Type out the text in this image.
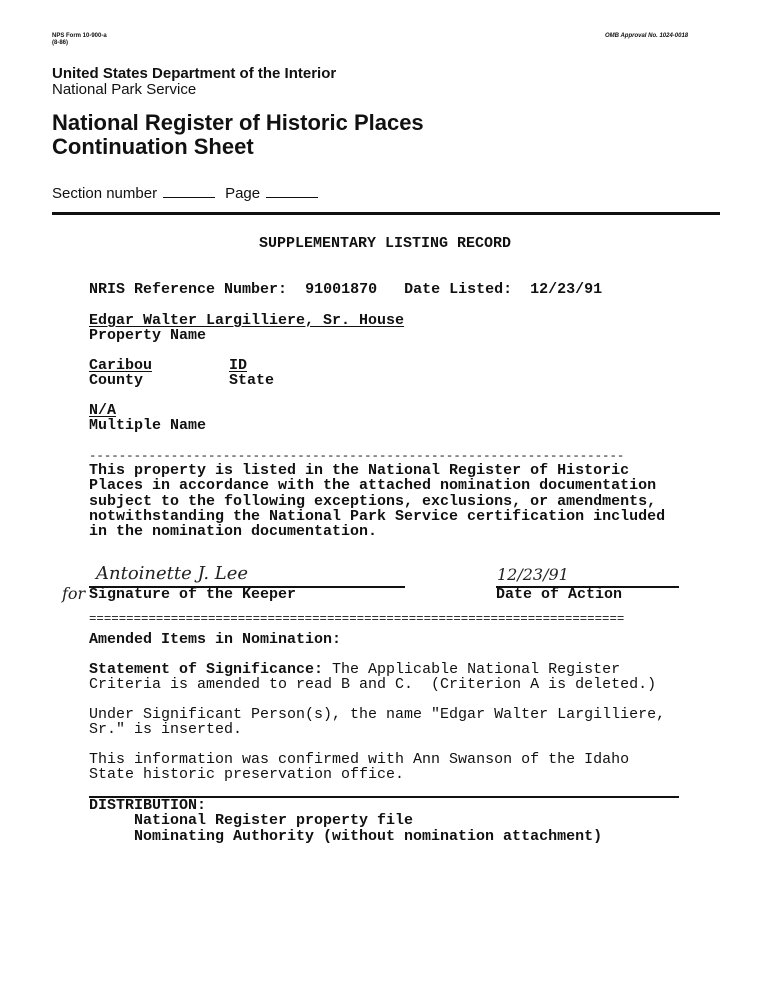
NPS Form 10-900-a
(8-86)
OMB Approval No. 1024-0018
United States Department of the Interior
National Park Service
National Register of Historic Places
Continuation Sheet
Section number	Page
SUPPLEMENTARY LISTING RECORD
NRIS Reference Number: 91001870 Date Listed: 12/23/91
Edgar Walter Largilliere, Sr. House
Property Name
Caribou
County
ID
State
N/A
Multiple Name
------------------------------------------------------------------------
This property is listed in the National Register of Historic
Places in accordance with the attached nomination documentation
subject to the following exceptions, exclusions, or amendments,
notwithstanding the National Park Service certification included
in the nomination documentation.
Antoinette J. Lee
for Signature of the Keeper
12/23/91
Date of Action
========================================================================
Amended Items in Nomination:
Statement of Significance: The Applicable National Register
Criteria is amended to read B and C.  (Criterion A is deleted.)
Under Significant Person(s), the name "Edgar Walter Largilliere,
Sr." is inserted.
This information was confirmed with Ann Swanson of the Idaho
State historic preservation office.
DISTRIBUTION:
National Register property file
Nominating Authority (without nomination attachment)
